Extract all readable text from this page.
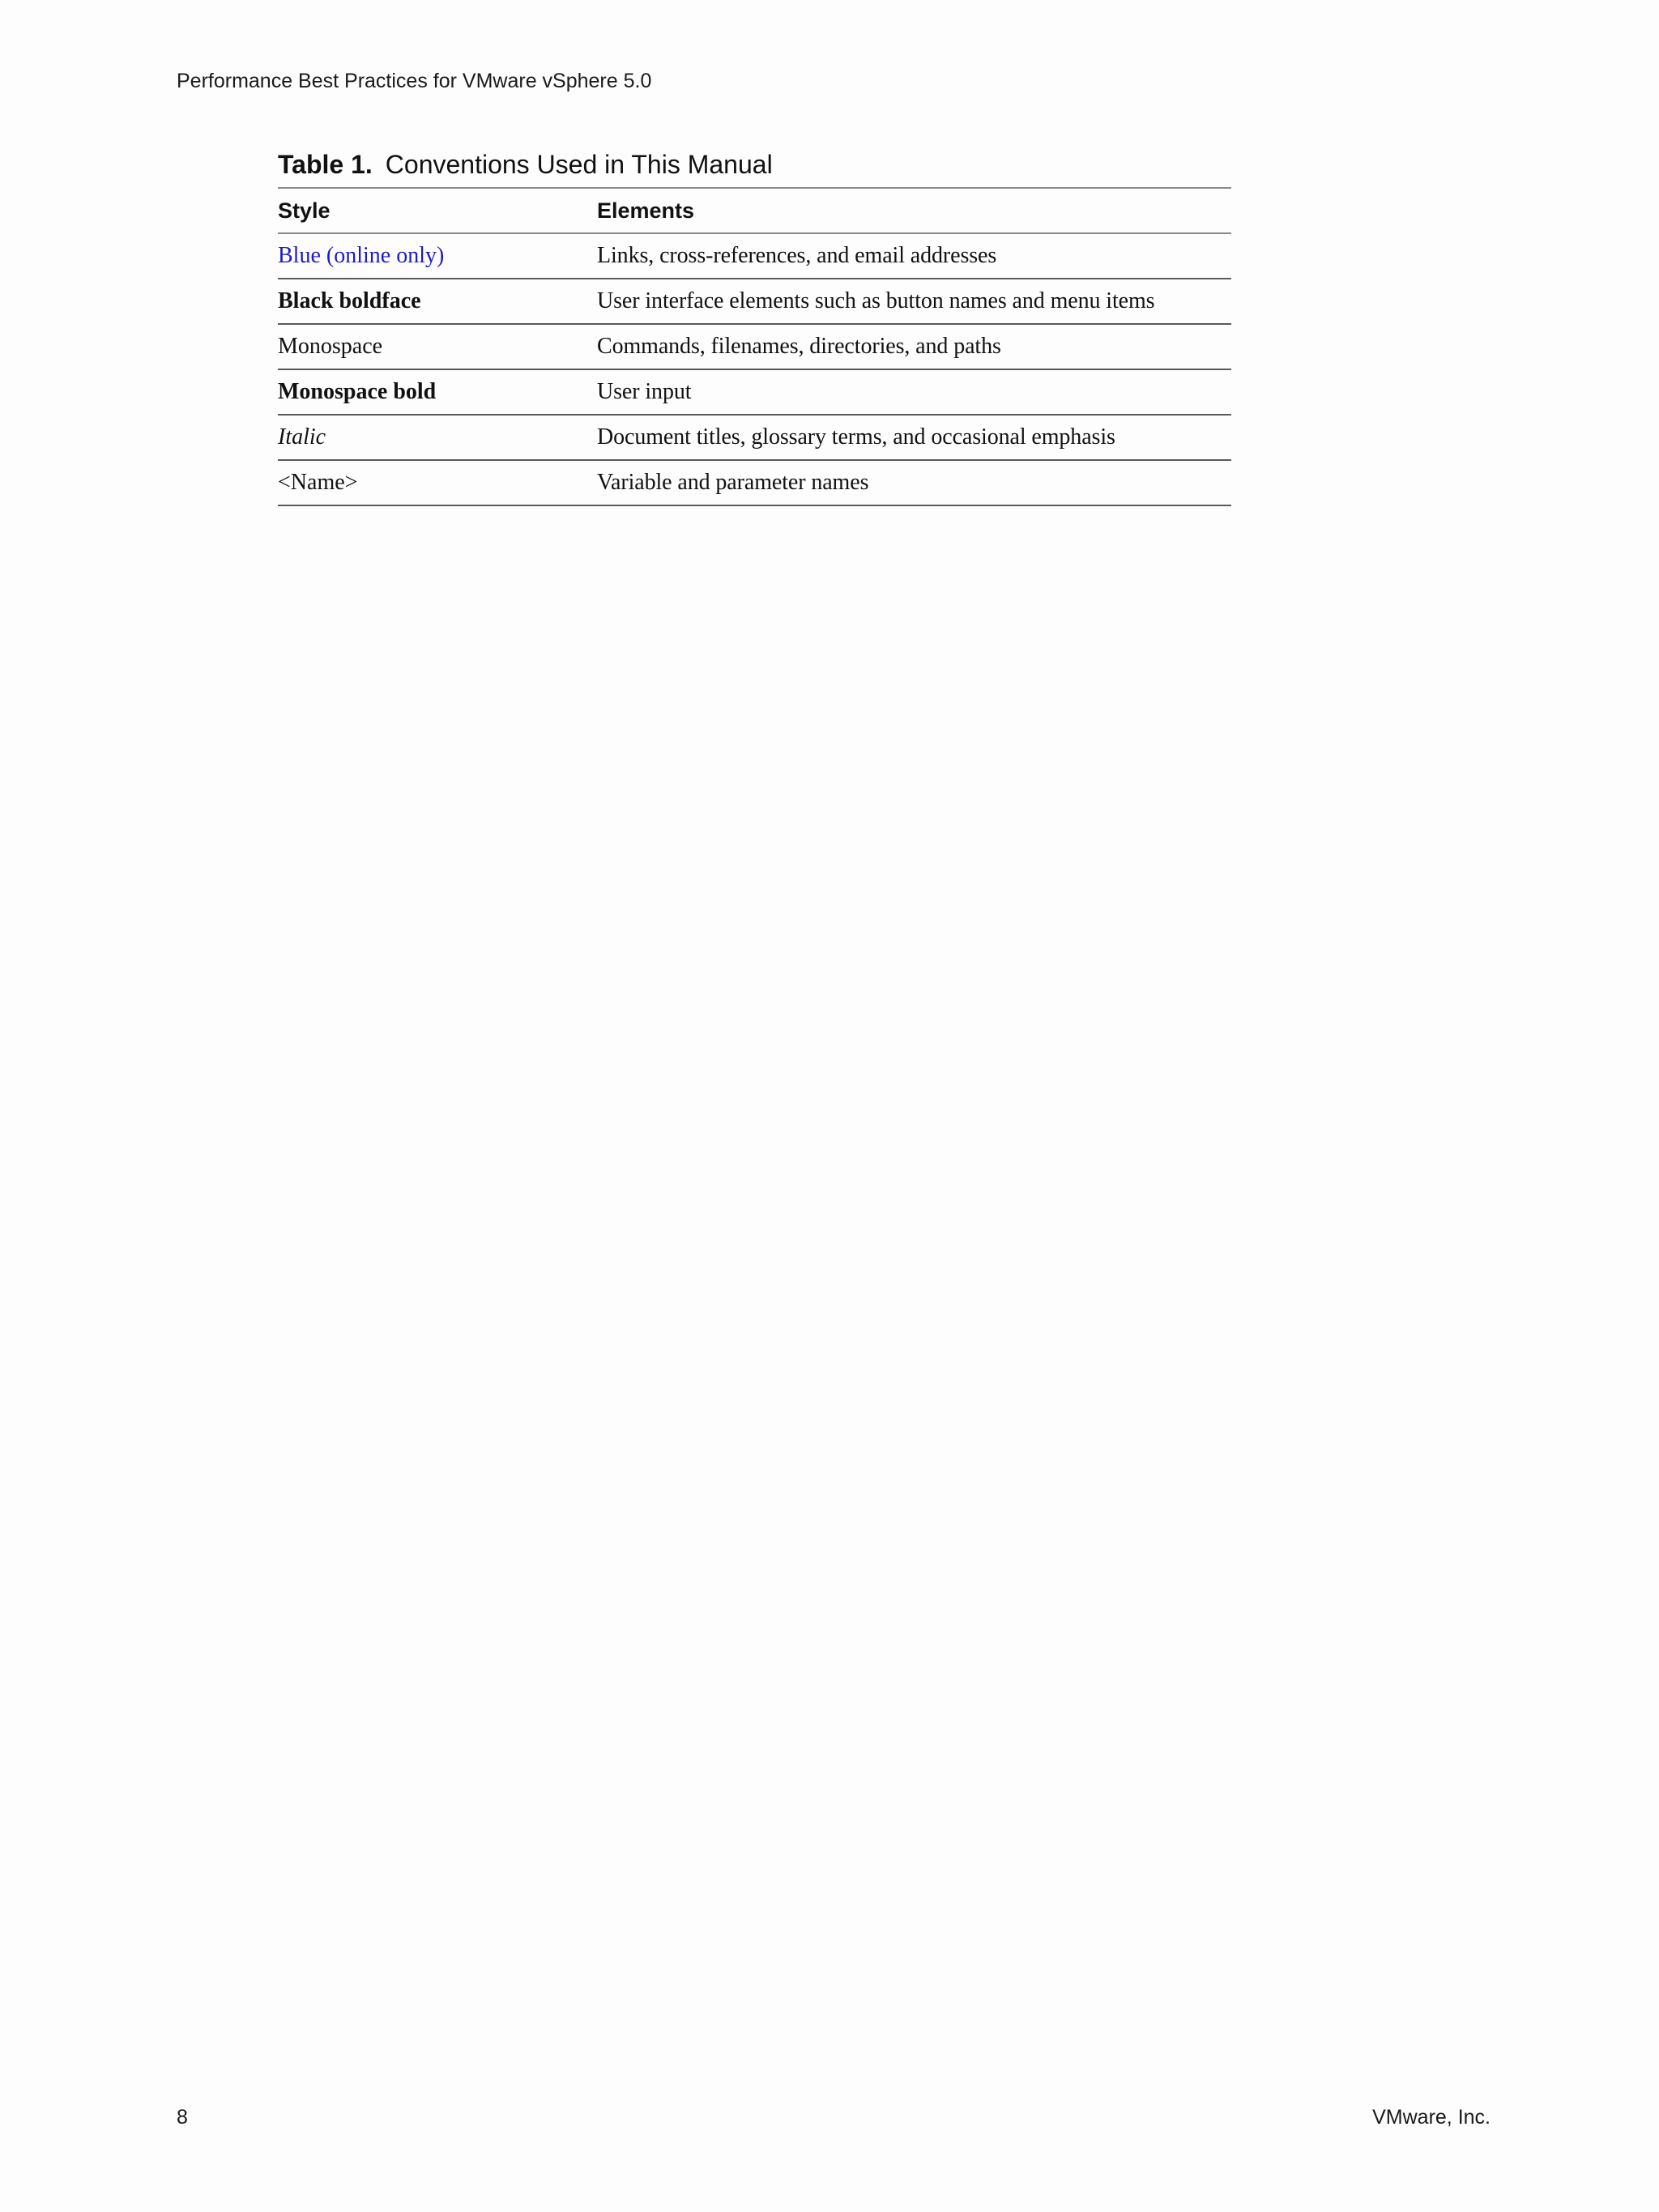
Performance Best Practices for VMware vSphere 5.0
Table 1. Conventions Used in This Manual
Style	Elements
Blue (online only)	Links, cross-references, and email addresses
Black boldface	User interface elements such as button names and menu items
Monospace	Commands, filenames, directories, and paths
Monospace bold	User input
Italic	Document titles, glossary terms, and occasional emphasis
<Name>	Variable and parameter names
8	VMware, Inc.
